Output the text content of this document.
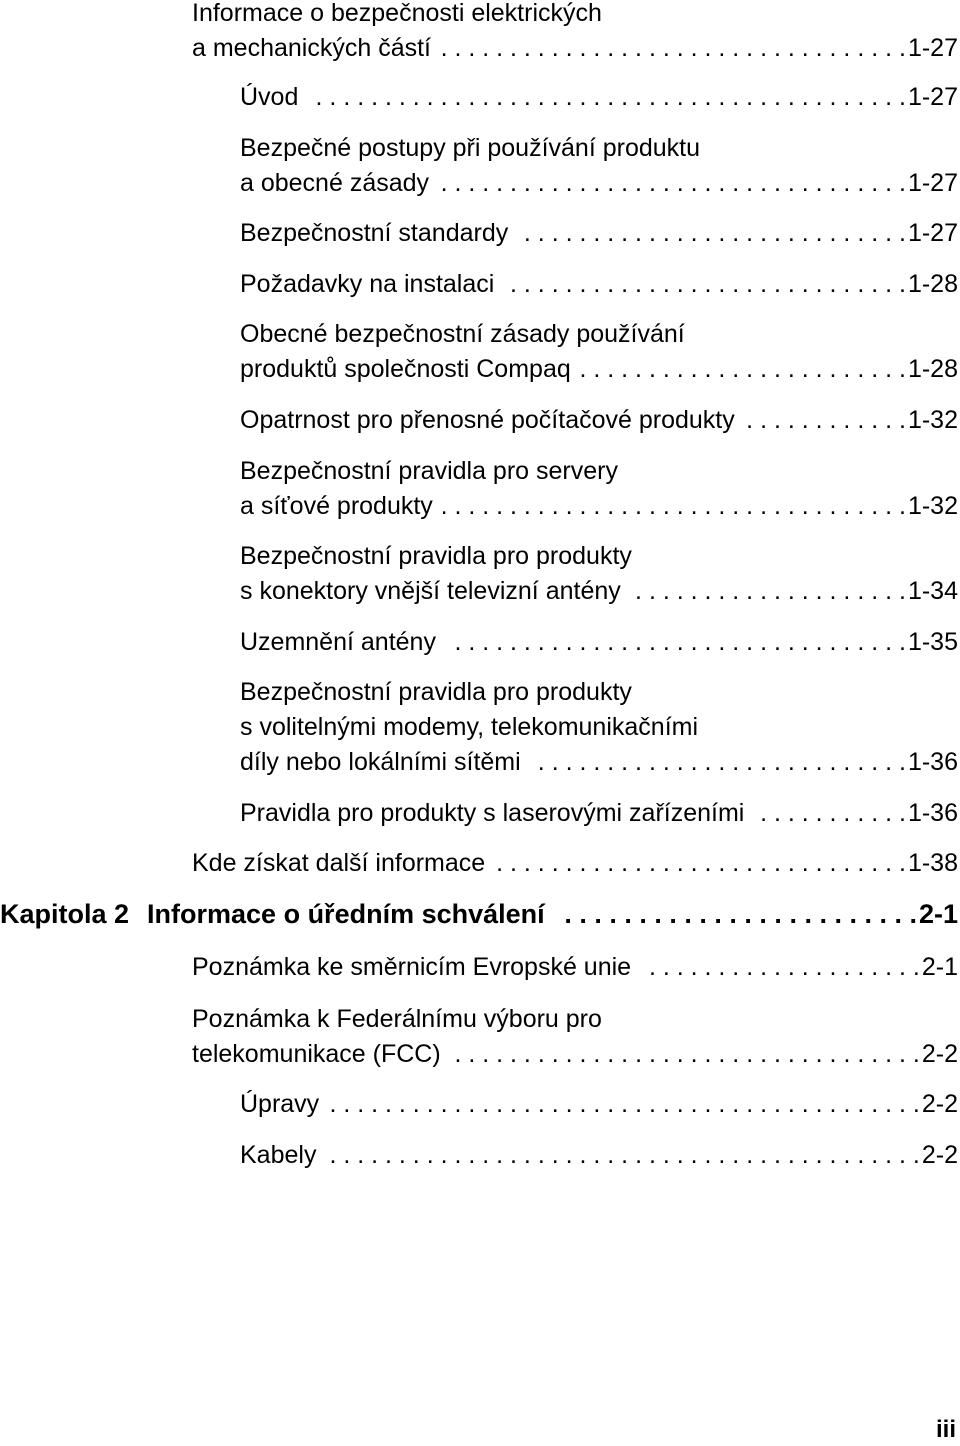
Informace o bezpečnosti elektrických
a mechanických částí . . .	1-27
Úvod . . .	1-27
Bezpečné postupy při používání produktu
a obecné zásady . . .	1-27
Bezpečnostní standardy . . .	1-27
Požadavky na instalaci . . .	1-28
Obecné bezpečnostní zásady používání
produktů společnosti Compaq . . .	1-28
Opatrnost pro přenosné počítačové produkty . . .	1-32
Bezpečnostní pravidla pro servery
a síťové produkty . . .	1-32
Bezpečnostní pravidla pro produkty
s konektory vnější televizní antény . . .	1-34
Uzemnění antény . . .	1-35
Bezpečnostní pravidla pro produkty
s volitelnými modemy, telekomunikačními
díly nebo lokálními sítěmi . . .	1-36
Pravidla pro produkty s laserovými zařízeními . . .	1-36
Kde získat další informace . . .	1-38
Kapitola 2 Informace o úředním schválení . . .	2-1
Poznámka ke směrnicím Evropské unie . . .	2-1
Poznámka k Federálnímu výboru pro
telekomunikace (FCC) . . .	2-2
Úpravy . . .	2-2
Kabely . . .	2-2
iii
